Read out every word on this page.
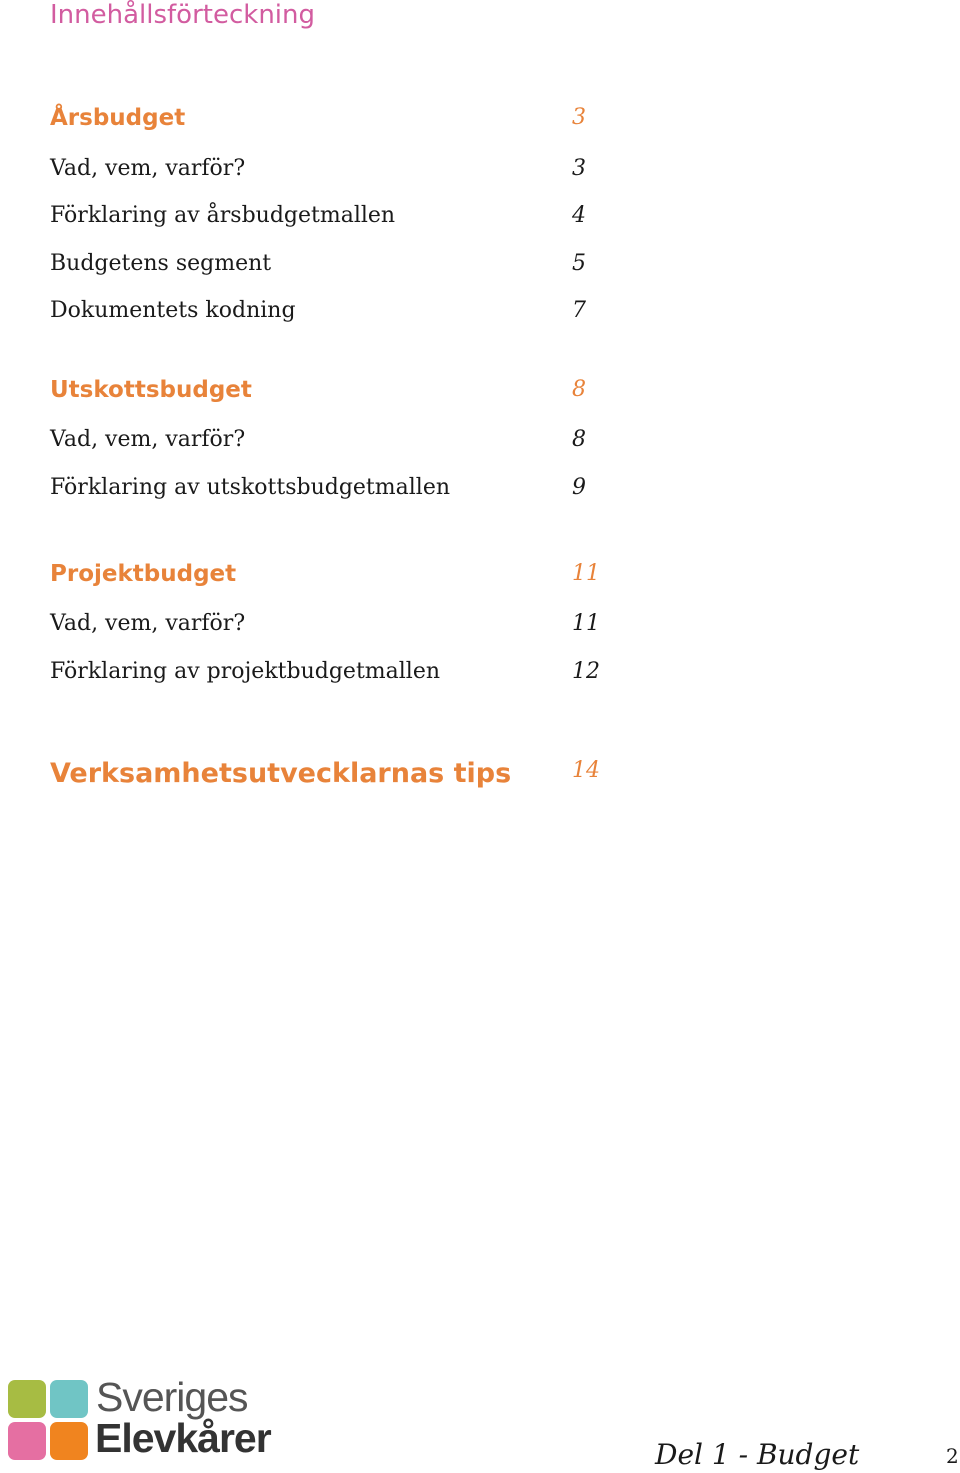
Innehållsförteckning
Årsbudget	3
Vad, vem, varför?	3
Förklaring av årsbudgetmallen	4
Budgetens segment	5
Dokumentets kodning	7
Utskottsbudget	8
Vad, vem, varför?	8
Förklaring av utskottsbudgetmallen	9
Projektbudget	11
Vad, vem, varför?	11
Förklaring av projektbudgetmallen	12
Verksamhetsutvecklarnas tips	14
Sveriges
Elevkårer	Del 1 - Budget	2
